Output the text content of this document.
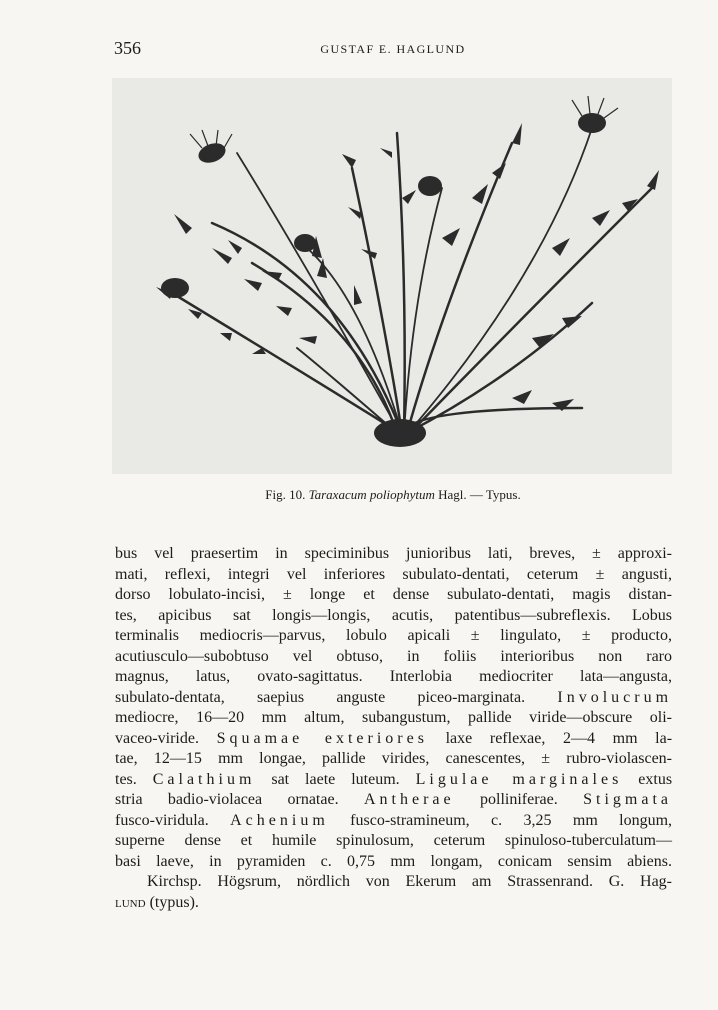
356	GUSTAF E. HAGLUND
Fig. 10. Taraxacum poliophytum Hagl. — Typus.
bus vel praesertim in speciminibus junioribus lati, breves, ± approxi-
mati, reflexi, integri vel inferiores subulato-dentati, ceterum ± angusti,
dorso lobulato-incisi, ± longe et dense subulato-dentati, magis distan-
tes, apicibus sat longis—longis, acutis, patentibus—subreflexis. Lobus
terminalis mediocris—parvus, lobulo apicali ± lingulato, ± producto,
acutiusculo—subobtuso vel obtuso, in foliis interioribus non raro
magnus, latus, ovato-sagittatus. Interlobia mediocriter lata—angusta,
subulato-dentata, saepius anguste piceo-marginata. Involucrum
mediocre, 16—20 mm altum, subangustum, pallide viride—obscure oli-
vaceo-viride. Squamae exteriores laxe reflexae, 2—4 mm la-
tae, 12—15 mm longae, pallide virides, canescentes, ± rubro-violascen-
tes. Calathium sat laete luteum. Ligulae marginales extus
stria badio-violacea ornatae. Antherae polliniferae. Stigmata
fusco-viridula. Achenium fusco-stramineum, c. 3,25 mm longum,
superne dense et humile spinulosum, ceterum spinuloso-tuberculatum—
basi laeve, in pyramiden c. 0,75 mm longam, conicam sensim abiens.
Kirchsp. Högsrum, nördlich von Ekerum am Strassenrand. G. Hag-
lund (typus).
